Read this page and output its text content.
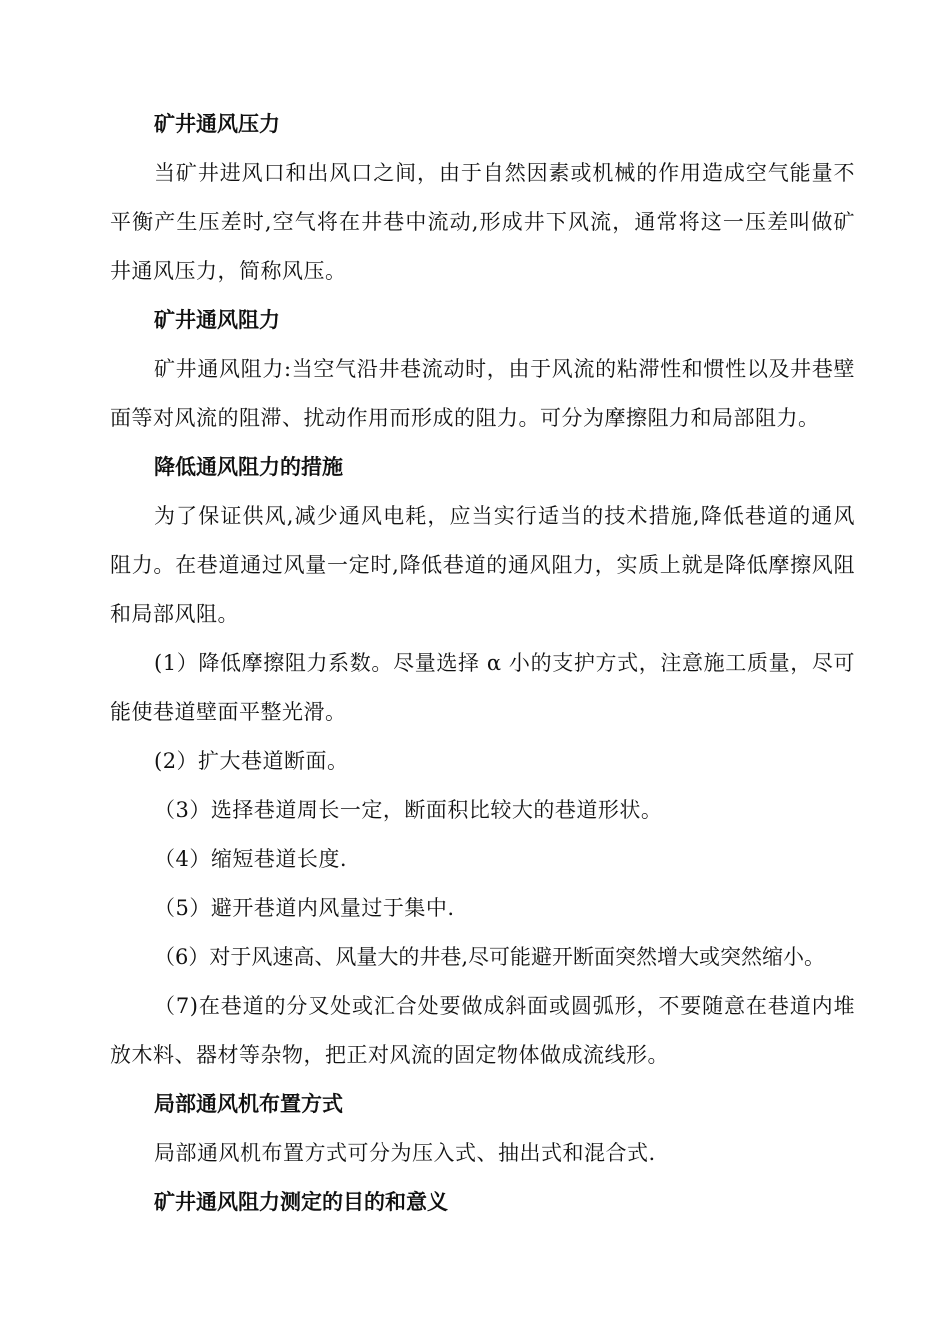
矿井通风压力

当矿井进风口和出风口之间，由于自然因素或机械的作用造成空气能量不平衡产生压差时,空气将在井巷中流动,形成井下风流，通常将这一压差叫做矿井通风压力，简称风压。

矿井通风阻力

矿井通风阻力:当空气沿井巷流动时，由于风流的粘滞性和惯性以及井巷壁面等对风流的阻滞、扰动作用而形成的阻力。可分为摩擦阻力和局部阻力。

降低通风阻力的措施

为了保证供风,减少通风电耗，应当实行适当的技术措施,降低巷道的通风阻力。在巷道通过风量一定时,降低巷道的通风阻力，实质上就是降低摩擦风阻和局部风阻。

(1）降低摩擦阻力系数。尽量选择 α 小的支护方式，注意施工质量，尽可能使巷道壁面平整光滑。

(2）扩大巷道断面。

（3）选择巷道周长一定，断面积比较大的巷道形状。

（4）缩短巷道长度.

（5）避开巷道内风量过于集中.

（6）对于风速高、风量大的井巷,尽可能避开断面突然增大或突然缩小。

（7)在巷道的分叉处或汇合处要做成斜面或圆弧形，不要随意在巷道内堆放木料、器材等杂物，把正对风流的固定物体做成流线形。

局部通风机布置方式

局部通风机布置方式可分为压入式、抽出式和混合式.

矿井通风阻力测定的目的和意义
